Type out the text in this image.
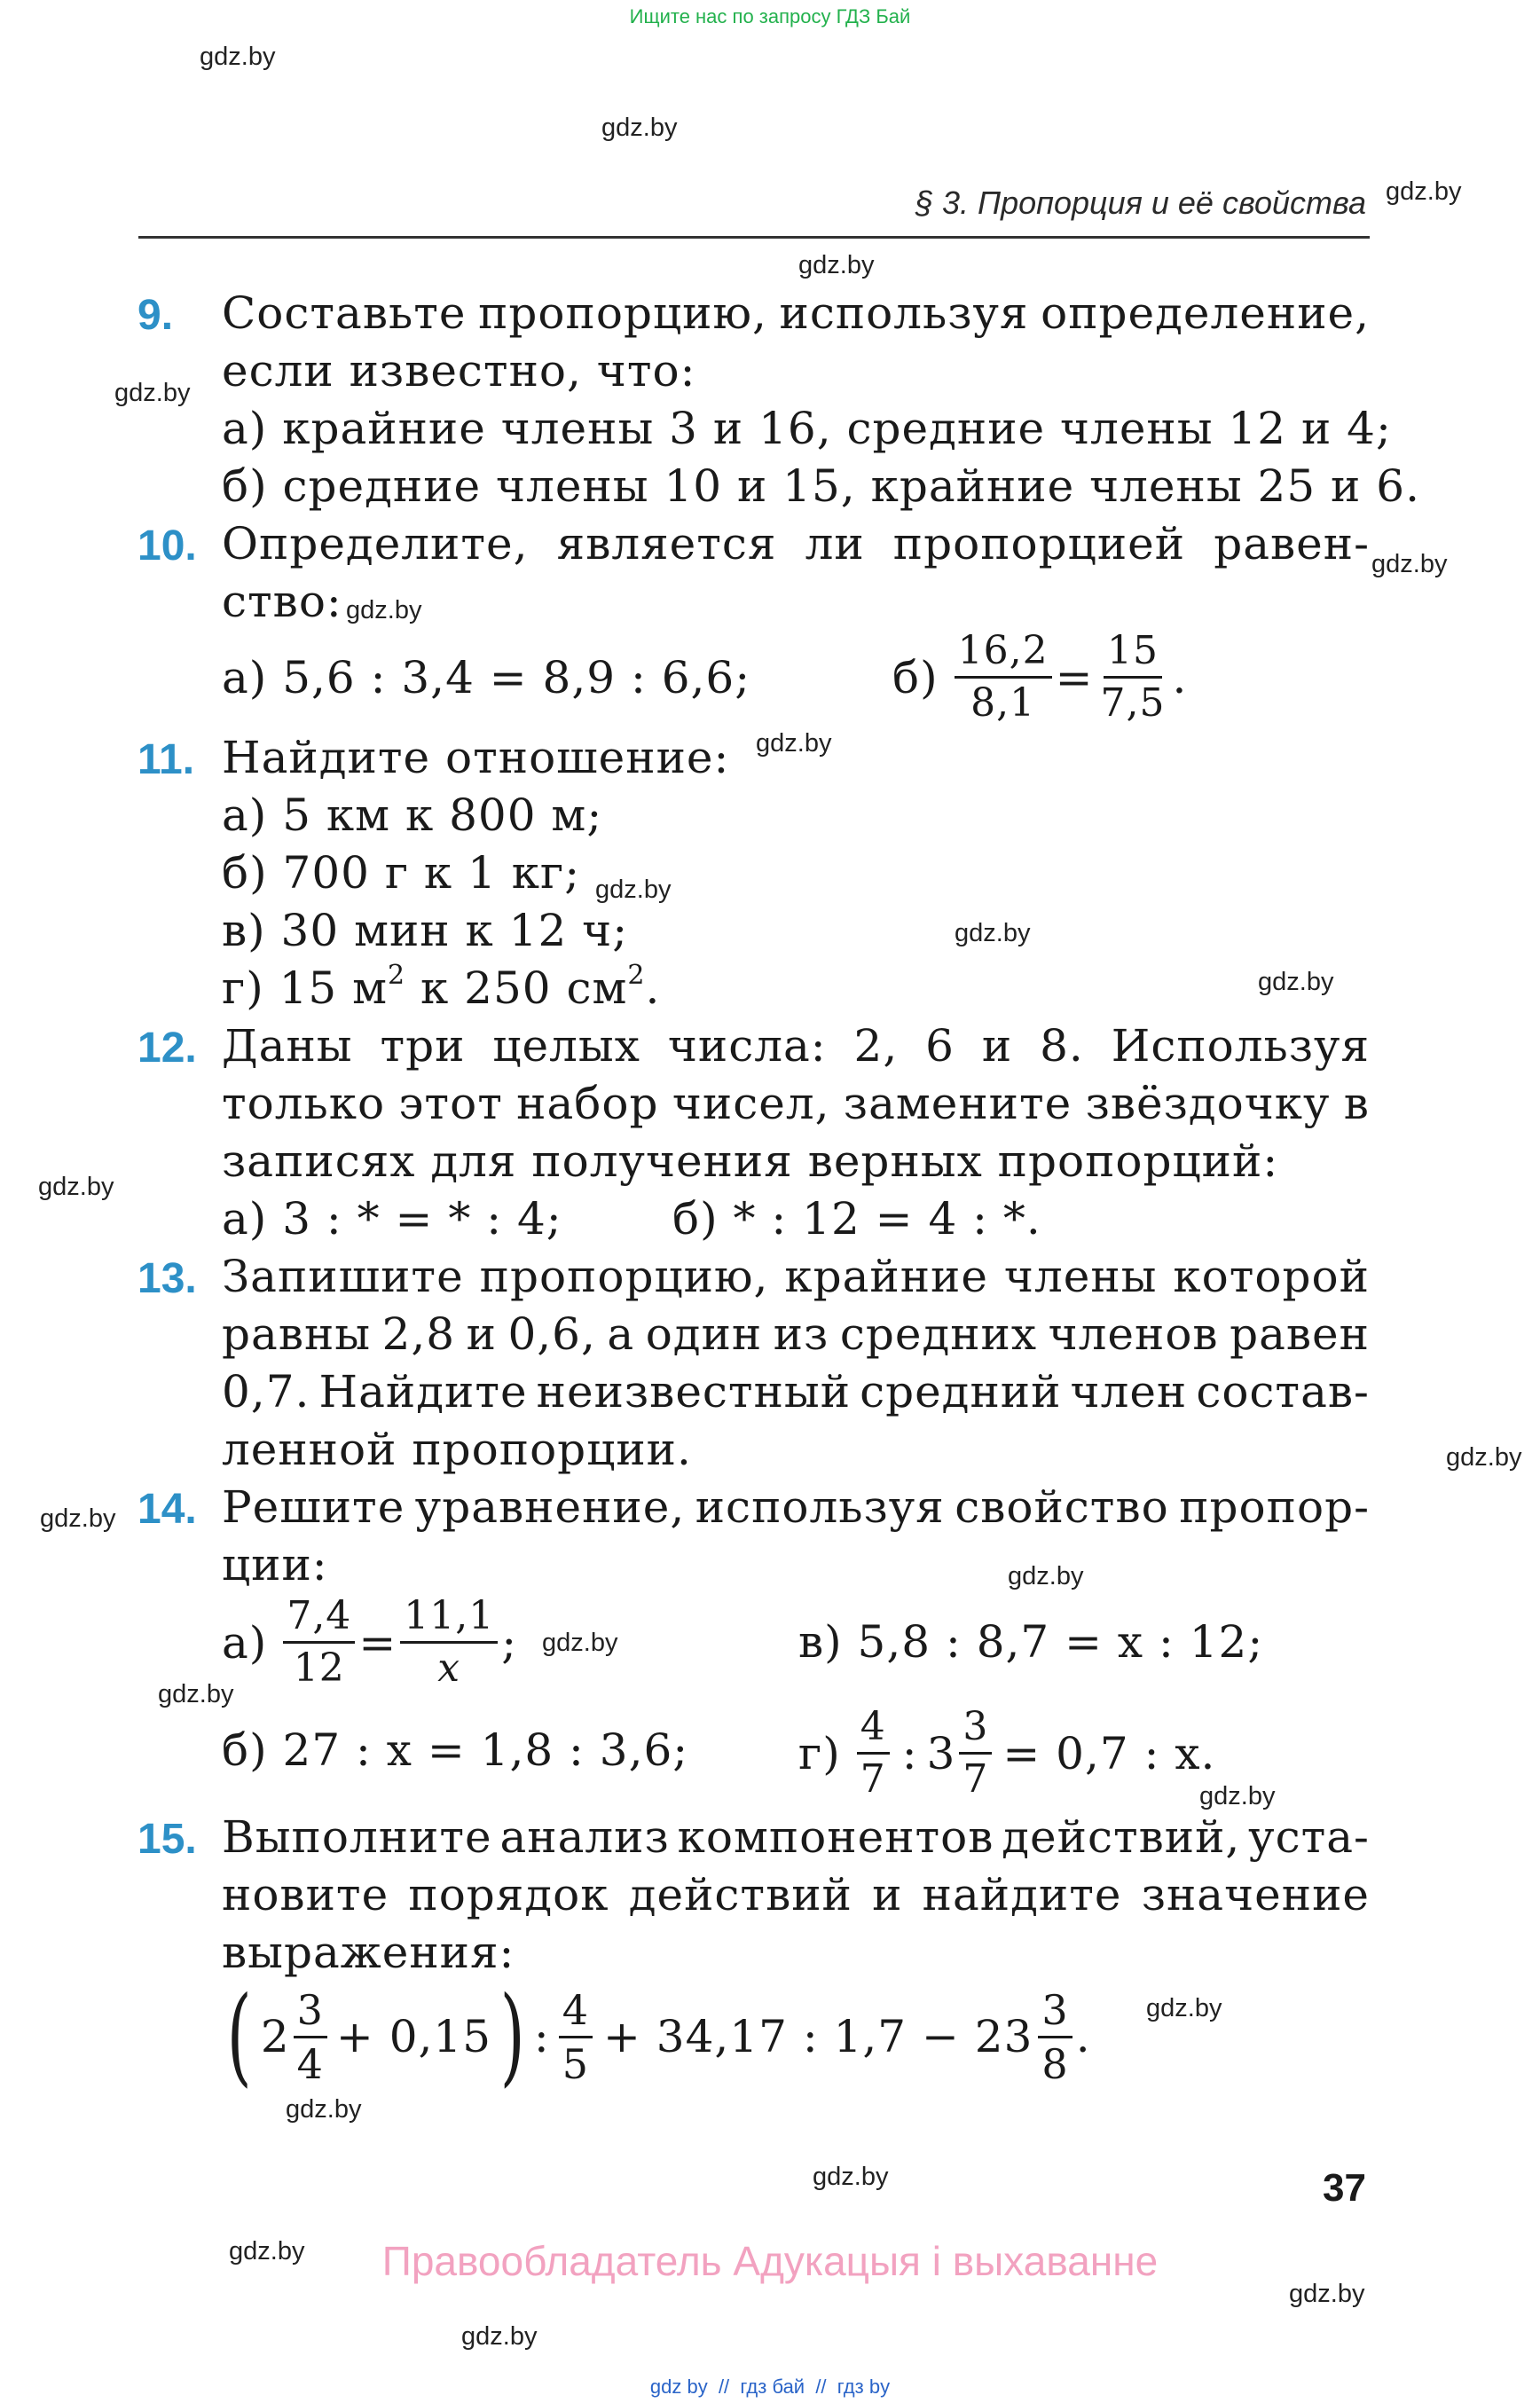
Ищите нас по запросу ГДЗ Бай
gdz.by
gdz.by
gdz.by
gdz.by
gdz.by
gdz.by
gdz.by
gdz.by
gdz.by
gdz.by
gdz.by
gdz.by
gdz.by
gdz.by
gdz.by
gdz.by
gdz.by
gdz.by
gdz.by
gdz.by
gdz.by
gdz.by
gdz.by
gdz.by
§ 3. Пропорция и её свойства
9. Составьте пропорцию, используя определение,
если известно, что:
а) крайние члены 3 и 16, средние члены 12 и 4;
б) средние члены 10 и 15, крайние члены 25 и 6.
10. Определите, является ли пропорцией равен-
ство:
а) 5,6 : 3,4 = 8,9 : 6,6;	$б) \frac{16,2}{8,1} = \frac{15}{7,5}$ .
11. Найдите отношение:
а) 5 км к 800 м;
б) 700 г к 1 кг;
в) 30 мин к 12 ч;
г) 15 $м^2$ к 250 $см^2$.
12. Даны три целых числа: 2, 6 и 8. Используя
только этот набор чисел, замените звёздочку в
записях для получения верных пропорций:
а) 3 : * = * : 4; б) * : 12 = 4 : *.
13. Запишите пропорцию, крайние члены которой
равны 2,8 и 0,6, а один из средних членов равен
0,7. Найдите неизвестный средний член состав-
ленной пропорции.
14. Решите уравнение, используя свойство пропор-
ции:
$а) \frac{7,4}{12} = \frac{11,1}{x}$ ;	в) 5,8 : 8,7 = x : 12;
б) 27 : x = 1,8 : 3,6; $г) \frac{4}{7}$ : $3 \frac{3}{7} = 0,7$ : x.
15. Выполните анализ компонентов действий, уста-
новите порядок действий и найдите значение
выражения:
( $2 \frac{3}{4} + 0,15$ ) : $\frac{4}{5} + 34,17$ : $1,7 - 23 \frac{3}{8}$ .
37
Правообладатель Адукацыя і выхаванне
gdz by  //  гдз бай  //  гдз by
